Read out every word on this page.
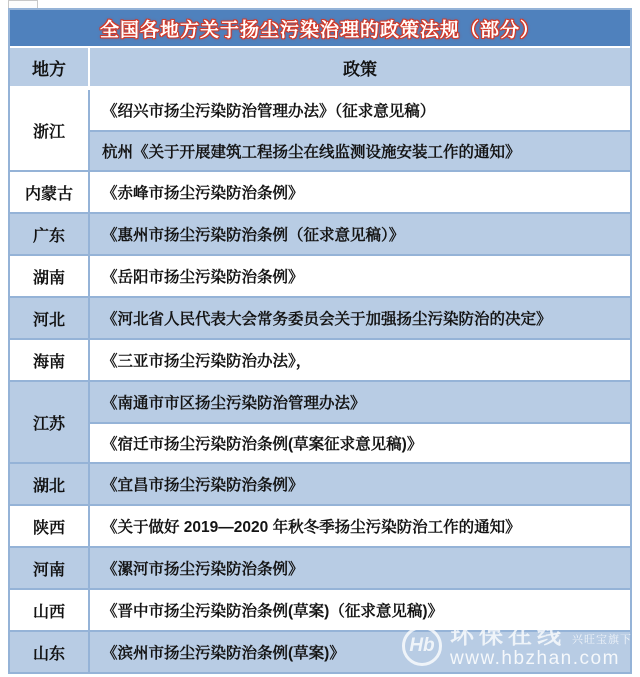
全国各地方关于扬尘污染治理的政策法规（部分）
地方	政策
浙江
《绍兴市扬尘污染防治管理办法》（征求意见稿）
杭州《关于开展建筑工程扬尘在线监测设施安装工作的通知》
内蒙古	《赤峰市扬尘污染防治条例》
广东	《惠州市扬尘污染防治条例（征求意见稿）》
湖南	《岳阳市扬尘污染防治条例》
河北	《河北省人民代表大会常务委员会关于加强扬尘污染防治的决定》
海南	《三亚市扬尘污染防治办法》，
江苏
《南通市市区扬尘污染防治管理办法》
《宿迁市扬尘污染防治条例(草案征求意见稿)》
湖北	《宜昌市扬尘污染防治条例》
陕西	《关于做好 2019—2020 年秋冬季扬尘污染防治工作的通知》
河南	《漯河市扬尘污染防治条例》
山西	《晋中市扬尘污染防治条例(草案)（征求意见稿)》
山东	《滨州市扬尘污染防治条例(草案)》	Hb 环保在线 兴旺宝旗下
www.hbzhan.com
